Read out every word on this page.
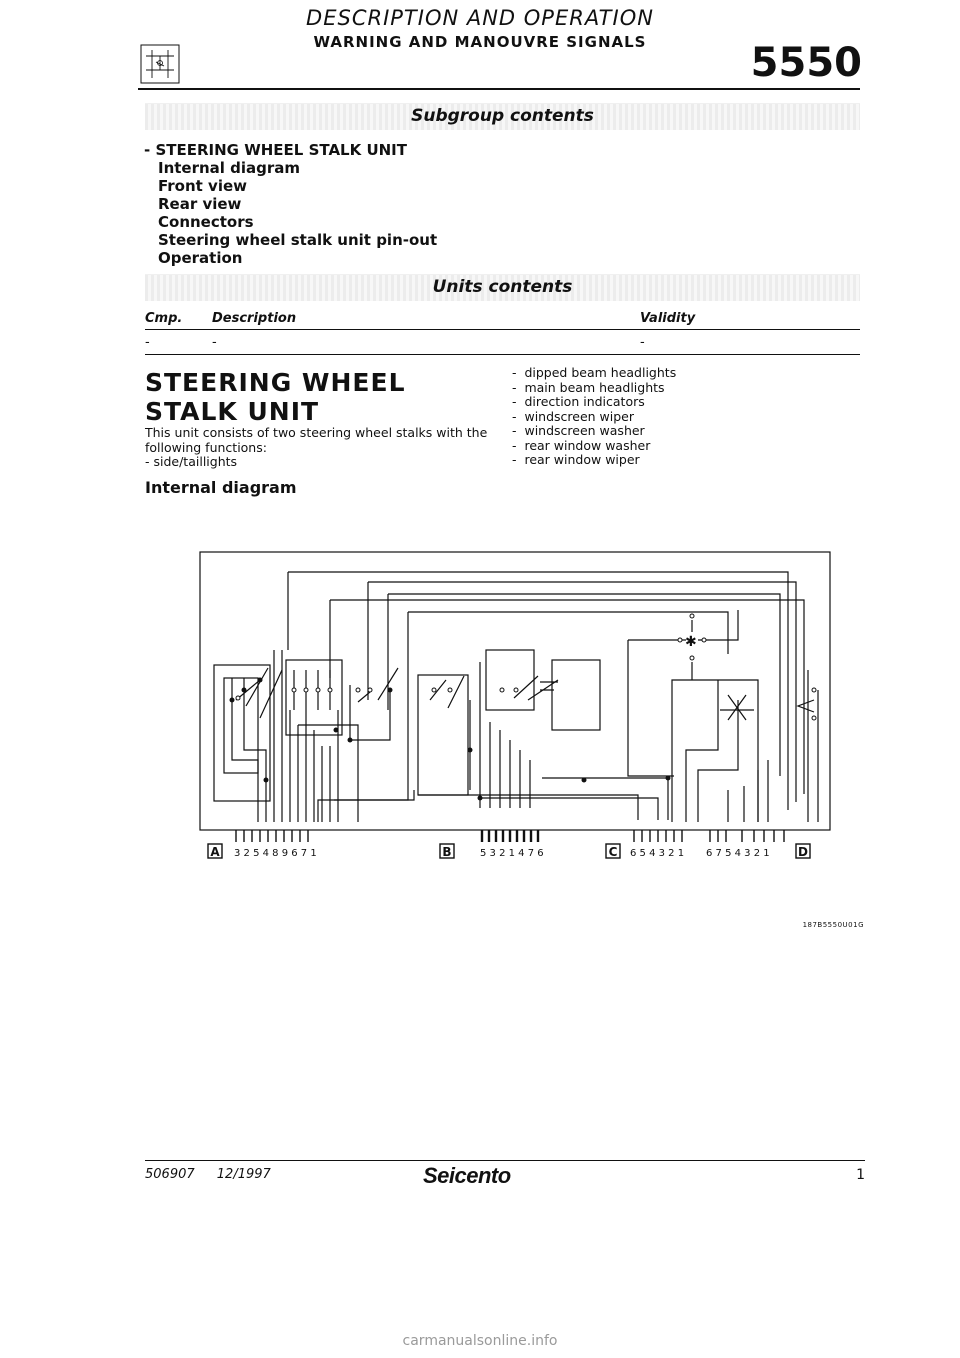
DESCRIPTION AND OPERATION
WARNING AND MANOUVRE SIGNALS	5550
Subgroup contents
- STEERING WHEEL STALK UNIT
Internal diagram
Front view
Rear view
Connectors
Steering wheel stalk unit pin-out
Operation
Units contents
Cmp. Description	Validity
-	-	-
STEERING WHEEL
STALK UNIT
This unit consists of two steering wheel stalks with the following functions:
- side/taillights
-  dipped beam headlights
-  main beam headlights
-  direction indicators
-  windscreen wiper
-  windscreen washer
-  rear window washer
-  rear window wiper
Internal diagram
✱
A 3 2 5 4 8 9 6 7 1	B	5 3 2 1 4 7 6	C 6 5 4 3 2 1 6 7 5 4 3 2 1 D
187B5550U01G
506907 12/1997	Seicento	1
carmanualsonline.info
